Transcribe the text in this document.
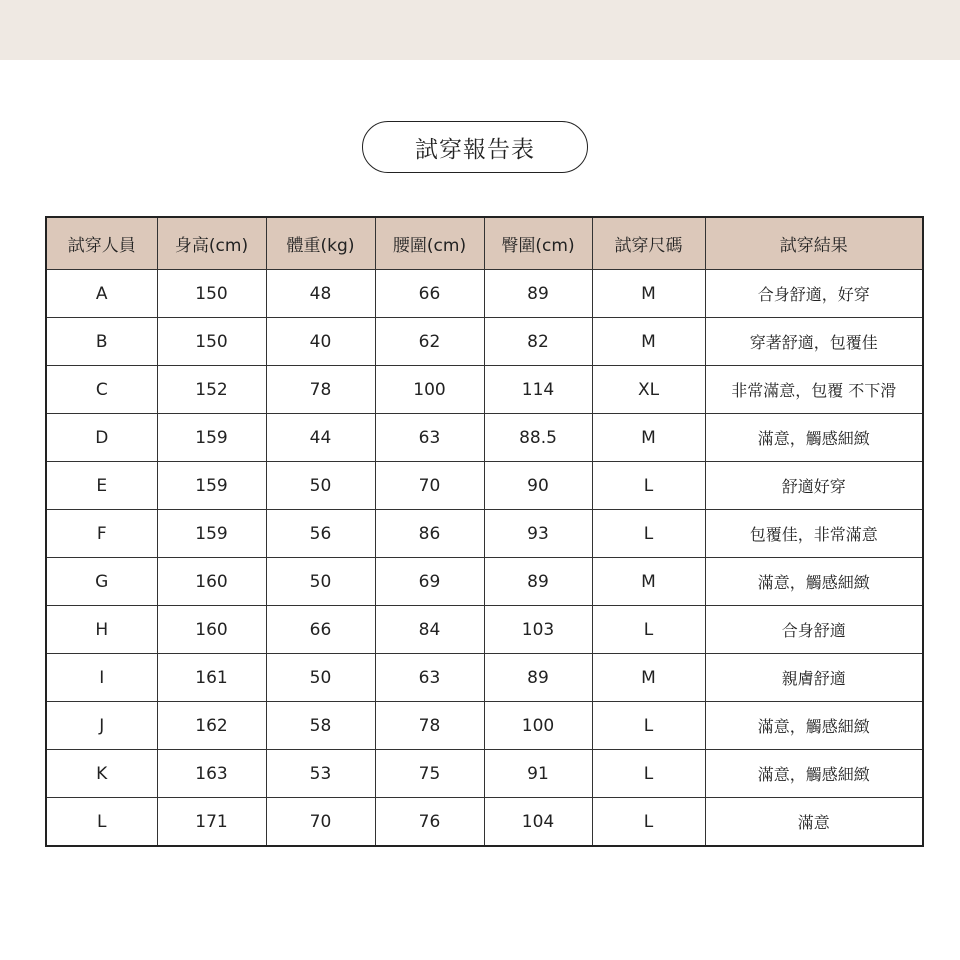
試穿報告表
試穿人員	身高(cm)	體重(kg)	腰圍(cm)	臀圍(cm)	試穿尺碼	試穿結果
A	150	48	66	89	M	合身舒適，好穿
B	150	40	62	82	M	穿著舒適，包覆佳
C	152	78	100	114	XL	非常滿意，包覆 不下滑
D	159	44	63	88.5	M	滿意，觸感細緻
E	159	50	70	90	L	舒適好穿
F	159	56	86	93	L	包覆佳，非常滿意
G	160	50	69	89	M	滿意，觸感細緻
H	160	66	84	103	L	合身舒適
I	161	50	63	89	M	親膚舒適
J	162	58	78	100	L	滿意，觸感細緻
K	163	53	75	91	L	滿意，觸感細緻
L	171	70	76	104	L	滿意
